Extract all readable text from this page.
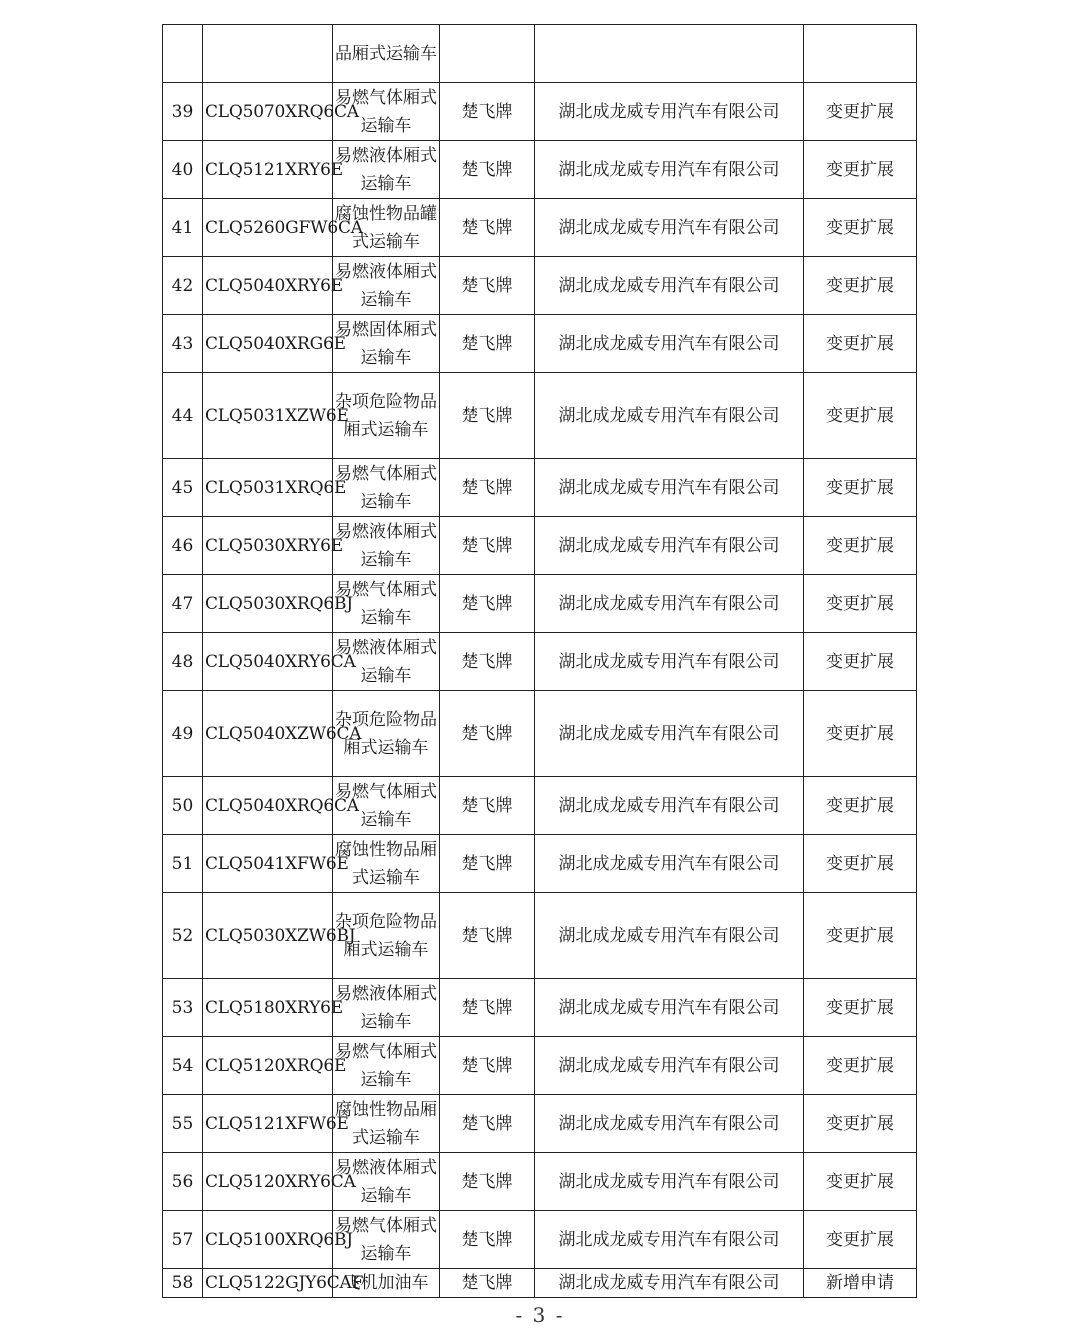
		品厢式运输车			
39	CLQ5070XRQ6CA	易燃气体厢式运输车	楚飞牌	湖北成龙威专用汽车有限公司	变更扩展
40	CLQ5121XRY6E	易燃液体厢式运输车	楚飞牌	湖北成龙威专用汽车有限公司	变更扩展
41	CLQ5260GFW6CA	腐蚀性物品罐式运输车	楚飞牌	湖北成龙威专用汽车有限公司	变更扩展
42	CLQ5040XRY6E	易燃液体厢式运输车	楚飞牌	湖北成龙威专用汽车有限公司	变更扩展
43	CLQ5040XRG6E	易燃固体厢式运输车	楚飞牌	湖北成龙威专用汽车有限公司	变更扩展
44	CLQ5031XZW6E	杂项危险物品厢式运输车	楚飞牌	湖北成龙威专用汽车有限公司	变更扩展
45	CLQ5031XRQ6E	易燃气体厢式运输车	楚飞牌	湖北成龙威专用汽车有限公司	变更扩展
46	CLQ5030XRY6E	易燃液体厢式运输车	楚飞牌	湖北成龙威专用汽车有限公司	变更扩展
47	CLQ5030XRQ6BJ	易燃气体厢式运输车	楚飞牌	湖北成龙威专用汽车有限公司	变更扩展
48	CLQ5040XRY6CA	易燃液体厢式运输车	楚飞牌	湖北成龙威专用汽车有限公司	变更扩展
49	CLQ5040XZW6CA	杂项危险物品厢式运输车	楚飞牌	湖北成龙威专用汽车有限公司	变更扩展
50	CLQ5040XRQ6CA	易燃气体厢式运输车	楚飞牌	湖北成龙威专用汽车有限公司	变更扩展
51	CLQ5041XFW6E	腐蚀性物品厢式运输车	楚飞牌	湖北成龙威专用汽车有限公司	变更扩展
52	CLQ5030XZW6BJ	杂项危险物品厢式运输车	楚飞牌	湖北成龙威专用汽车有限公司	变更扩展
53	CLQ5180XRY6E	易燃液体厢式运输车	楚飞牌	湖北成龙威专用汽车有限公司	变更扩展
54	CLQ5120XRQ6E	易燃气体厢式运输车	楚飞牌	湖北成龙威专用汽车有限公司	变更扩展
55	CLQ5121XFW6E	腐蚀性物品厢式运输车	楚飞牌	湖北成龙威专用汽车有限公司	变更扩展
56	CLQ5120XRY6CA	易燃液体厢式运输车	楚飞牌	湖北成龙威专用汽车有限公司	变更扩展
57	CLQ5100XRQ6BJ	易燃气体厢式运输车	楚飞牌	湖北成龙威专用汽车有限公司	变更扩展
58	CLQ5122GJY6CAF	飞机加油车	楚飞牌	湖北成龙威专用汽车有限公司	新增申请
- 3 -
